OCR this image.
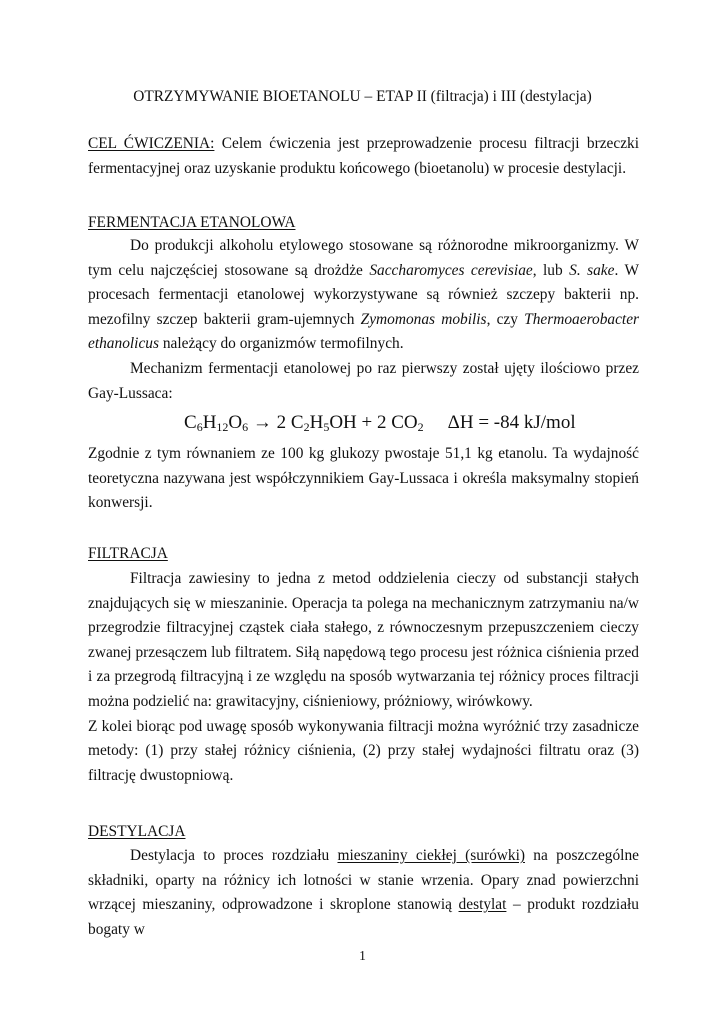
OTRZYMYWANIE BIOETANOLU – ETAP II (filtracja) i III (destylacja)

CEL ĆWICZENIA: Celem ćwiczenia jest przeprowadzenie procesu filtracji brzeczki fermentacyjnej oraz uzyskanie produktu końcowego (bioetanolu) w procesie destylacji.

FERMENTACJA ETANOLOWA

Do produkcji alkoholu etylowego stosowane są różnorodne mikroorganizmy. W tym celu najczęściej stosowane są drożdże Saccharomyces cerevisiae, lub S. sake. W procesach fermentacji etanolowej wykorzystywane są również szczepy bakterii np. mezofilny szczep bakterii gram-ujemnych Zymomonas mobilis, czy Thermoaerobacter ethanolicus należący do organizmów termofilnych.

Mechanizm fermentacji etanolowej po raz pierwszy został ujęty ilościowo przez Gay-Lussaca:

$C_6H_{12}O_6 \to 2$ $C_2H_5OH + 2$ $CO_2$ ΔH = -84 kJ/mol

Zgodnie z tym równaniem ze 100 kg glukozy pwostaje 51,1 kg etanolu. Ta wydajność teoretyczna nazywana jest współczynnikiem Gay-Lussaca i określa maksymalny stopień konwersji.

FILTRACJA

Filtracja zawiesiny to jedna z metod oddzielenia cieczy od substancji stałych znajdujących się w mieszaninie. Operacja ta polega na mechanicznym zatrzymaniu na/w przegrodzie filtracyjnej cząstek ciała stałego, z równoczesnym przepuszczeniem cieczy zwanej przesączem lub filtratem. Siłą napędową tego procesu jest różnica ciśnienia przed i za przegrodą filtracyjną i ze względu na sposób wytwarzania tej różnicy proces filtracji można podzielić na: grawitacyjny, ciśnieniowy, próżniowy, wirówkowy.

Z kolei biorąc pod uwagę sposób wykonywania filtracji można wyróżnić trzy zasadnicze metody: (1) przy stałej różnicy ciśnienia, (2) przy stałej wydajności filtratu oraz (3) filtrację dwustopniową.

DESTYLACJA

Destylacja to proces rozdziału mieszaniny ciekłej (surówki) na poszczególne składniki, oparty na różnicy ich lotności w stanie wrzenia. Opary znad powierzchni wrzącej mieszaniny, odprowadzone i skroplone stanowią destylat – produkt rozdziału bogaty w

1
